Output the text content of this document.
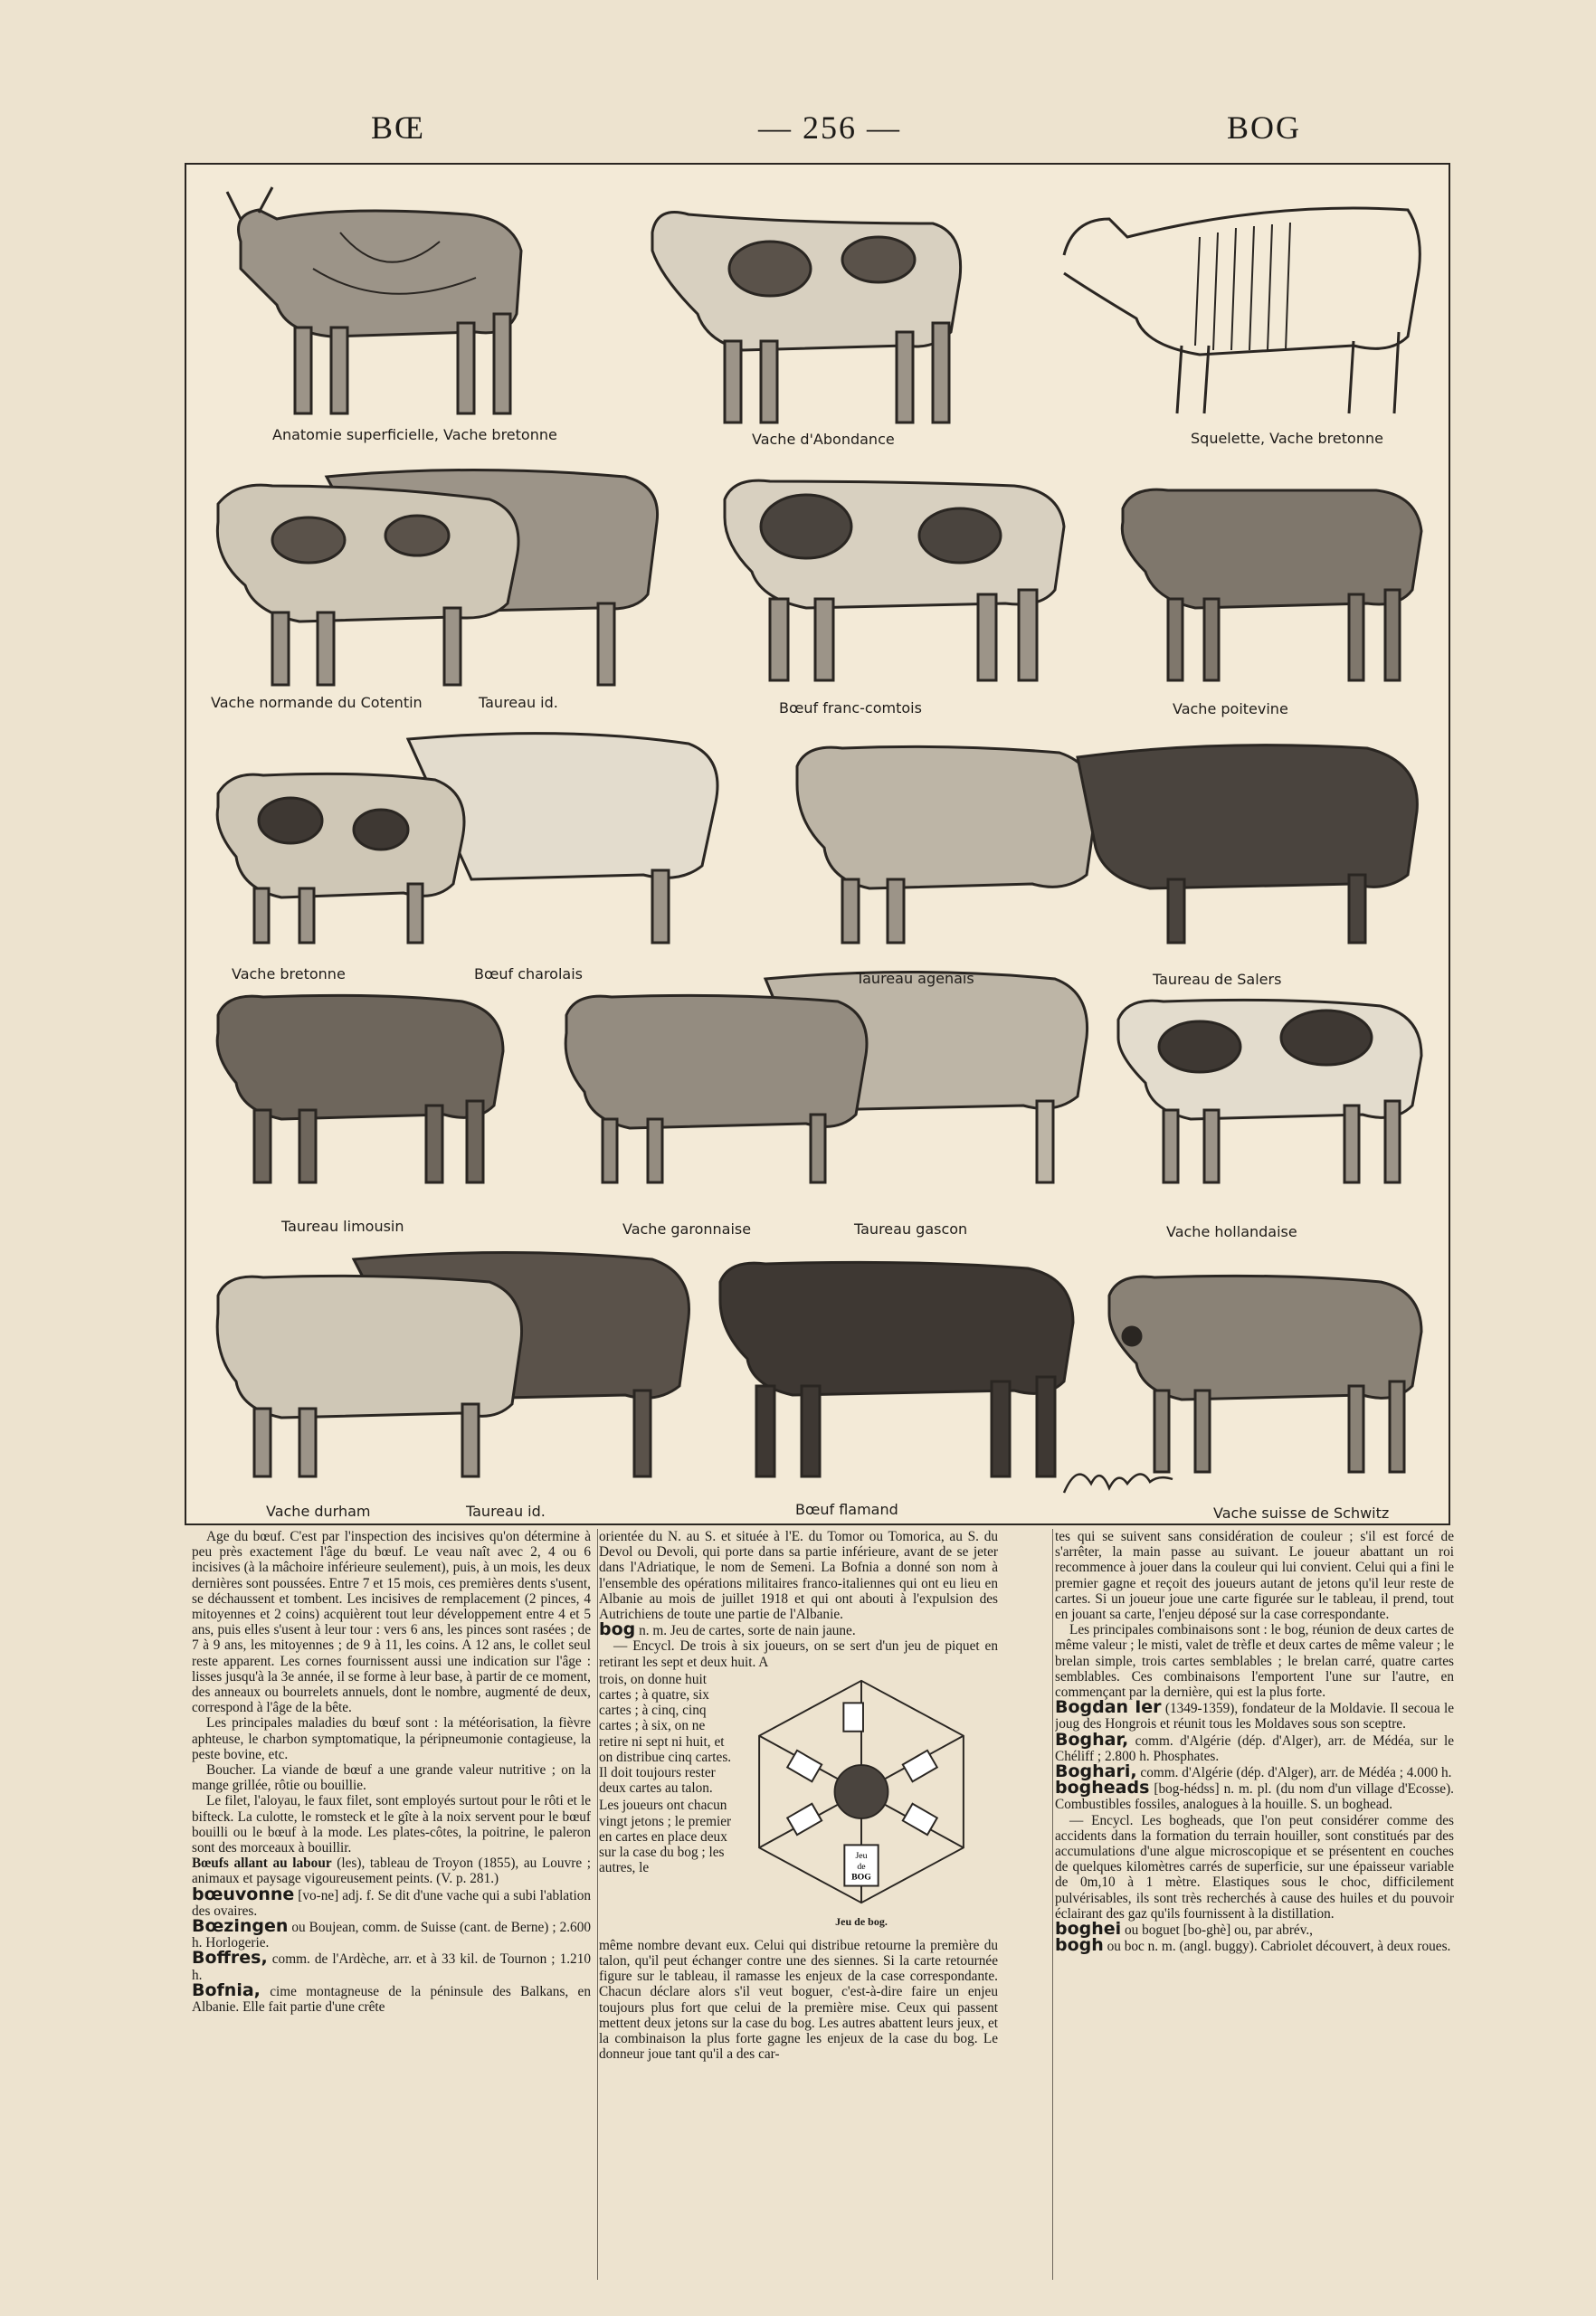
BŒ	— 256 —	BOG
Anatomie superficielle, Vache bretonne	Vache d'Abondance	Squelette, Vache bretonne
Vache normande du Cotentin	Taureau id.	Bœuf franc-comtois	Vache poitevine
Vache bretonne	Bœuf charolais	Taureau agenais	Taureau de Salers
Taureau limousin	Vache garonnaise	Taureau gascon	Vache hollandaise
Vache durham	Taureau id.	Bœuf flamand	Vache suisse de Schwitz

Age du bœuf. C'est par l'inspection des incisives qu'on détermine à peu près exactement l'âge du bœuf. Le veau naît avec 2, 4 ou 6 incisives (à la mâchoire inférieure seulement), puis, à un mois, les deux dernières sont poussées. Entre 7 et 15 mois, ces premières dents s'usent, se déchaussent et tombent. Les incisives de remplacement (2 pinces, 4 mitoyennes et 2 coins) acquièrent tout leur développement entre 4 et 5 ans, puis elles s'usent à leur tour : vers 6 ans, les pinces sont rasées ; de 7 à 9 ans, les mitoyennes ; de 9 à 11, les coins. A 12 ans, le collet seul reste apparent. Les cornes fournissent aussi une indication sur l'âge : lisses jusqu'à la 3e année, il se forme à leur base, à partir de ce moment, des anneaux ou bourrelets annuels, dont le nombre, augmenté de deux, correspond à l'âge de la bête.

Les principales maladies du bœuf sont : la météorisation, la fièvre aphteuse, le charbon symptomatique, la péripneumonie contagieuse, la peste bovine, etc.

Boucher. La viande de bœuf a une grande valeur nutritive ; on la mange grillée, rôtie ou bouillie.

Le filet, l'aloyau, le faux filet, sont employés surtout pour le rôti et le bifteck. La culotte, le romsteck et le gîte à la noix servent pour le bœuf bouilli ou le bœuf à la mode. Les plates-côtes, la poitrine, le paleron sont des morceaux à bouillir.

Bœufs allant au labour (les), tableau de Troyon (1855), au Louvre ; animaux et paysage vigoureusement peints. (V. p. 281.)

bœuvonne [vo-ne] adj. f. Se dit d'une vache qui a subi l'ablation des ovaires.

Bœzingen ou Boujean, comm. de Suisse (cant. de Berne) ; 2.600 h. Horlogerie.

Boffres, comm. de l'Ardèche, arr. et à 33 kil. de Tournon ; 1.210 h.

Bofnia, cime montagneuse de la péninsule des Balkans, en Albanie. Elle fait partie d'une crête

orientée du N. au S. et située à l'E. du Tomor ou Tomorica, au S. du Devol ou Devoli, qui porte dans sa partie inférieure, avant de se jeter dans l'Adriatique, le nom de Semeni. La Bofnia a donné son nom à l'ensemble des opérations militaires franco-italiennes qui ont eu lieu en Albanie au mois de juillet 1918 et qui ont abouti à l'expulsion des Autrichiens de toute une partie de l'Albanie.

bog n. m. Jeu de cartes, sorte de nain jaune.

— Encycl. De trois à six joueurs, on se sert d'un jeu de piquet en retirant les sept et deux huit. A

trois, on donne huit cartes ; à quatre, six cartes ; à cinq, cinq cartes ; à six, on ne retire ni sept ni huit, et on distribue cinq cartes. Il doit toujours rester deux cartes au talon.

Les joueurs ont chacun vingt jetons ; le premier en cartes en place deux sur la case du bog ; les autres, le

Jeu
de
BOG
Jeu de bog.

même nombre devant eux. Celui qui distribue retourne la première du talon, qu'il peut échanger contre une des siennes. Si la carte retournée figure sur le tableau, il ramasse les enjeux de la case correspondante. Chacun déclare alors s'il veut boguer, c'est-à-dire faire un enjeu toujours plus fort que celui de la première mise. Ceux qui passent mettent deux jetons sur la case du bog. Les autres abattent leurs jeux, et la combinaison la plus forte gagne les enjeux de la case du bog. Le donneur joue tant qu'il a des car-

tes qui se suivent sans considération de couleur ; s'il est forcé de s'arrêter, la main passe au suivant. Le joueur abattant un roi recommence à jouer dans la couleur qui lui convient. Celui qui a fini le premier gagne et reçoit des joueurs autant de jetons qu'il leur reste de cartes. Si un joueur joue une carte figurée sur le tableau, il prend, tout en jouant sa carte, l'enjeu déposé sur la case correspondante.

Les principales combinaisons sont : le bog, réunion de deux cartes de même valeur ; le misti, valet de trèfle et deux cartes de même valeur ; le brelan simple, trois cartes semblables ; le brelan carré, quatre cartes semblables. Ces combinaisons l'emportent l'une sur l'autre, en commençant par la dernière, qui est la plus forte.

Bogdan Ier (1349-1359), fondateur de la Moldavie. Il secoua le joug des Hongrois et réunit tous les Moldaves sous son sceptre.

Boghar, comm. d'Algérie (dép. d'Alger), arr. de Médéa, sur le Chéliff ; 2.800 h. Phosphates.

Boghari, comm. d'Algérie (dép. d'Alger), arr. de Médéa ; 4.000 h.

bogheads [bog-hédss] n. m. pl. (du nom d'un village d'Ecosse). Combustibles fossiles, analogues à la houille. S. un boghead.

— Encycl. Les bogheads, que l'on peut considérer comme des accidents dans la formation du terrain houiller, sont constitués par des accumulations d'une algue microscopique et se présentent en couches de quelques kilomètres carrés de superficie, sur une épaisseur variable de 0m,10 à 1 mètre. Elastiques sous le choc, difficilement pulvérisables, ils sont très recherchés à cause des huiles et du pouvoir éclairant des gaz qu'ils fournissent à la distillation.

boghei ou boguet [bo-ghè] ou, par abrév.,

bogh ou boc n. m. (angl. buggy). Cabriolet découvert, à deux roues.
